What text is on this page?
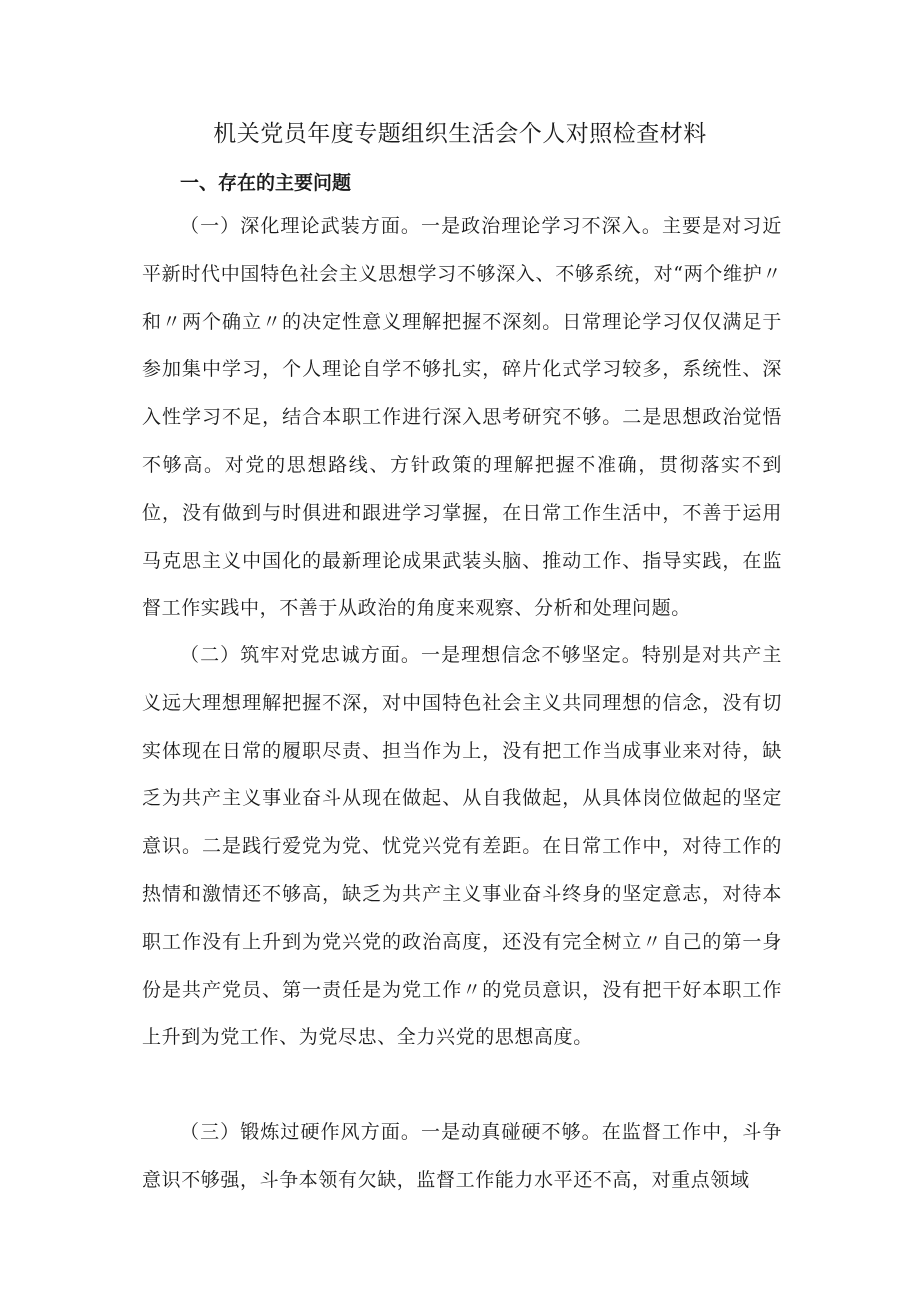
机关党员年度专题组织生活会个人对照检查材料
一、存在的主要问题

（一）深化理论武装方面。一是政治理论学习不深入。主要是对习近平新时代中国特色社会主义思想学习不够深入、不够系统，对“两个维护〃和〃两个确立〃的决定性意义理解把握不深刻。日常理论学习仅仅满足于参加集中学习，个人理论自学不够扎实，碎片化式学习较多，系统性、深入性学习不足，结合本职工作进行深入思考研究不够。二是思想政治觉悟不够高。对党的思想路线、方针政策的理解把握不准确，贯彻落实不到位，没有做到与时俱进和跟进学习掌握，在日常工作生活中，不善于运用马克思主义中国化的最新理论成果武装头脑、推动工作、指导实践，在监督工作实践中，不善于从政治的角度来观察、分析和处理问题。

（二）筑牢对党忠诚方面。一是理想信念不够坚定。特别是对共产主义远大理想理解把握不深，对中国特色社会主义共同理想的信念，没有切实体现在日常的履职尽责、担当作为上，没有把工作当成事业来对待，缺乏为共产主义事业奋斗从现在做起、从自我做起，从具体岗位做起的坚定意识。二是践行爱党为党、忧党兴党有差距。在日常工作中，对待工作的热情和激情还不够高，缺乏为共产主义事业奋斗终身的坚定意志，对待本职工作没有上升到为党兴党的政治高度，还没有完全树立〃自己的第一身份是共产党员、第一责任是为党工作〃的党员意识，没有把干好本职工作上升到为党工作、为党尽忠、全力兴党的思想高度。

（三）锻炼过硬作风方面。一是动真碰硬不够。在监督工作中，斗争意识不够强，斗争本领有欠缺，监督工作能力水平还不高，对重点领域
